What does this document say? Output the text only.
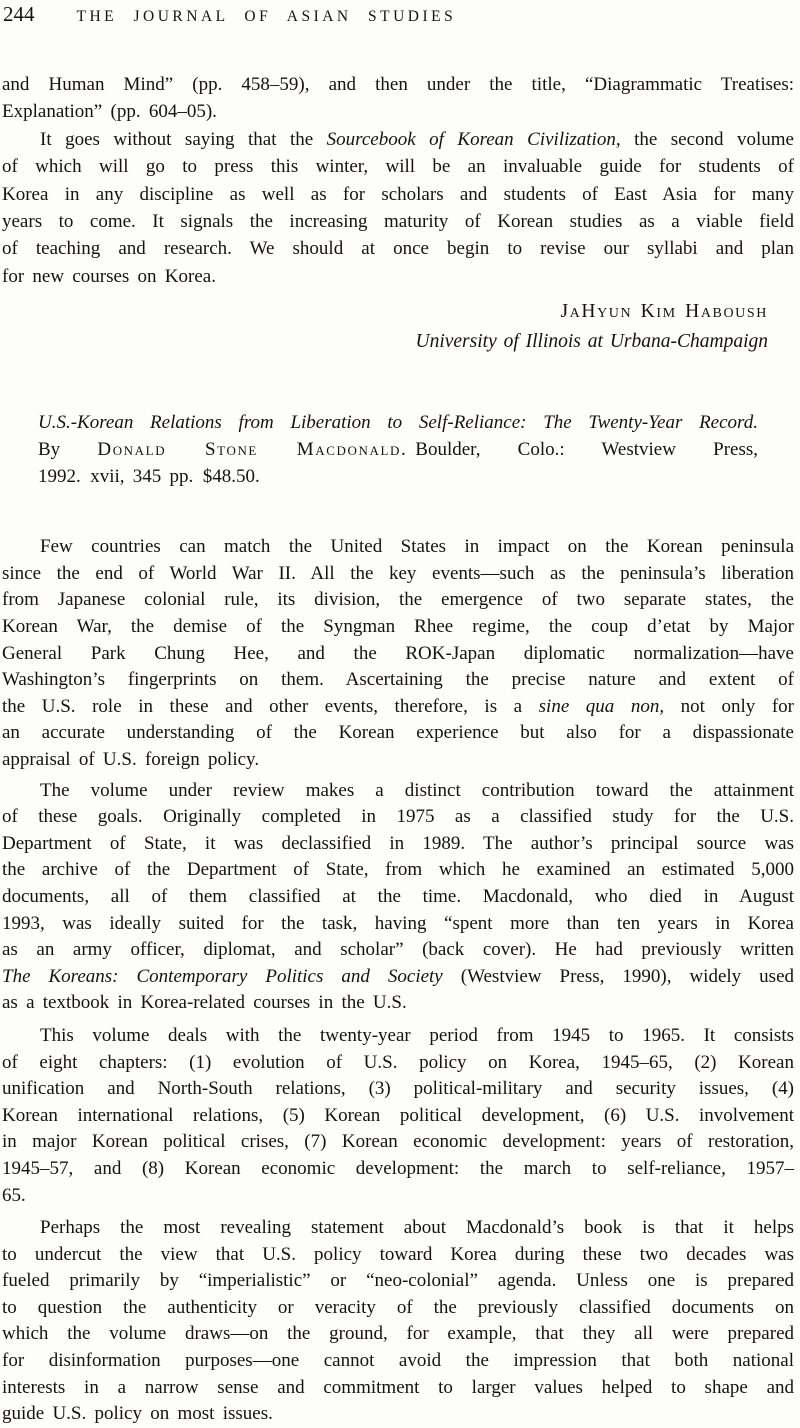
244	THE JOURNAL OF ASIAN STUDIES
and Human Mind” (pp. 458–59), and then under the title, “Diagrammatic Treatises:
Explanation” (pp. 604–05).
It goes without saying that the Sourcebook of Korean Civilization, the second volume
of which will go to press this winter, will be an invaluable guide for students of
Korea in any discipline as well as for scholars and students of East Asia for many
years to come. It signals the increasing maturity of Korean studies as a viable field
of teaching and research. We should at once begin to revise our syllabi and plan
for new courses on Korea.
JaHyun Kim Haboush
University of Illinois at Urbana-Champaign
U.S.-Korean Relations from Liberation to Self-Reliance: The Twenty-Year Record.
By Donald Stone Macdonald. Boulder, Colo.: Westview Press,
1992. xvii, 345 pp. $48.50.
Few countries can match the United States in impact on the Korean peninsula
since the end of World War II. All the key events—such as the peninsula’s liberation
from Japanese colonial rule, its division, the emergence of two separate states, the
Korean War, the demise of the Syngman Rhee regime, the coup d’etat by Major
General Park Chung Hee, and the ROK-Japan diplomatic normalization—have
Washington’s fingerprints on them. Ascertaining the precise nature and extent of
the U.S. role in these and other events, therefore, is a sine qua non, not only for
an accurate understanding of the Korean experience but also for a dispassionate
appraisal of U.S. foreign policy.
The volume under review makes a distinct contribution toward the attainment
of these goals. Originally completed in 1975 as a classified study for the U.S.
Department of State, it was declassified in 1989. The author’s principal source was
the archive of the Department of State, from which he examined an estimated 5,000
documents, all of them classified at the time. Macdonald, who died in August
1993, was ideally suited for the task, having “spent more than ten years in Korea
as an army officer, diplomat, and scholar” (back cover). He had previously written
The Koreans: Contemporary Politics and Society (Westview Press, 1990), widely used
as a textbook in Korea-related courses in the U.S.
This volume deals with the twenty-year period from 1945 to 1965. It consists
of eight chapters: (1) evolution of U.S. policy on Korea, 1945–65, (2) Korean
unification and North-South relations, (3) political-military and security issues, (4)
Korean international relations, (5) Korean political development, (6) U.S. involvement
in major Korean political crises, (7) Korean economic development: years of restoration,
1945–57, and (8) Korean economic development: the march to self-reliance, 1957–
65.
Perhaps the most revealing statement about Macdonald’s book is that it helps
to undercut the view that U.S. policy toward Korea during these two decades was
fueled primarily by “imperialistic” or “neo-colonial” agenda. Unless one is prepared
to question the authenticity or veracity of the previously classified documents on
which the volume draws—on the ground, for example, that they all were prepared
for disinformation purposes—one cannot avoid the impression that both national
interests in a narrow sense and commitment to larger values helped to shape and
guide U.S. policy on most issues.
